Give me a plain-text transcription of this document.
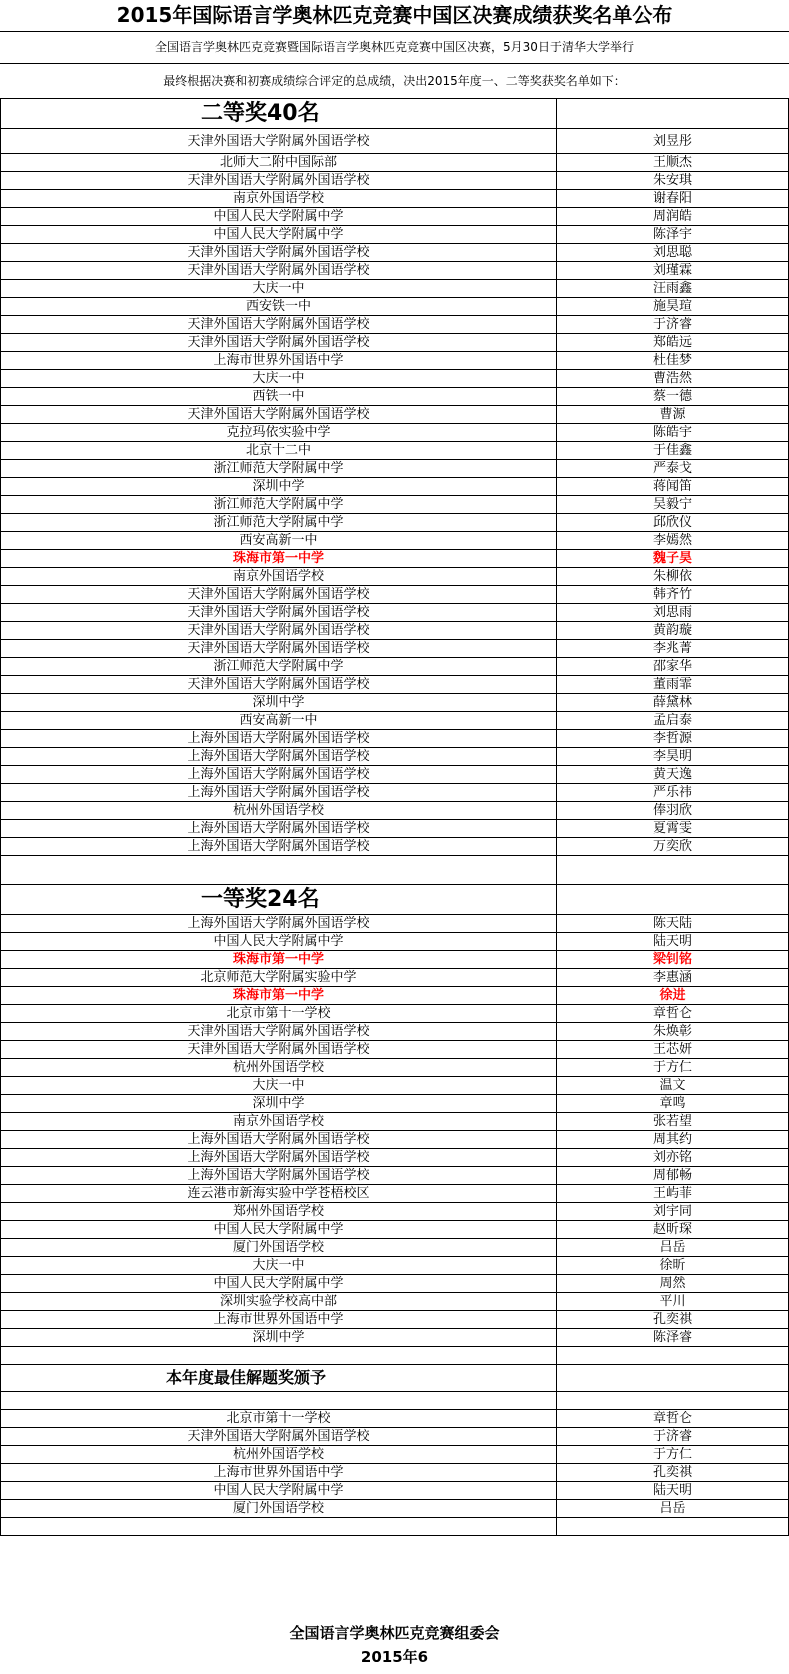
2015年国际语言学奥林匹克竞赛中国区决赛成绩获奖名单公布
全国语言学奥林匹克竞赛暨国际语言学奥林匹克竞赛中国区决赛，5月30日于清华大学举行
最终根据决赛和初赛成绩综合评定的总成绩，决出2015年度一、二等奖获奖名单如下：
二等奖40名	
天津外国语大学附属外国语学校	刘昱彤
北师大二附中国际部	王顺杰
天津外国语大学附属外国语学校	朱安琪
南京外国语学校	谢春阳
中国人民大学附属中学	周润皓
中国人民大学附属中学	陈泽宇
天津外国语大学附属外国语学校	刘思聪
天津外国语大学附属外国语学校	刘瑾霖
大庆一中	汪雨鑫
西安铁一中	施昊瑄
天津外国语大学附属外国语学校	于济睿
天津外国语大学附属外国语学校	郑皓远
上海市世界外国语中学	杜佳梦
大庆一中	曹浩然
西铁一中	蔡一德
天津外国语大学附属外国语学校	曹源
克拉玛依实验中学	陈皓宇
北京十二中	于佳鑫
浙江师范大学附属中学	严泰戈
深圳中学	蒋闻笛
浙江师范大学附属中学	吴毅宁
浙江师范大学附属中学	邱欣仪
西安高新一中	李嫣然
珠海市第一中学	魏子昊
南京外国语学校	朱柳依
天津外国语大学附属外国语学校	韩齐竹
天津外国语大学附属外国语学校	刘思雨
天津外国语大学附属外国语学校	黄韵璇
天津外国语大学附属外国语学校	李兆菁
浙江师范大学附属中学	邵家华
天津外国语大学附属外国语学校	董雨霏
深圳中学	薛黛林
西安高新一中	孟启泰
上海外国语大学附属外国语学校	李哲源
上海外国语大学附属外国语学校	李昊明
上海外国语大学附属外国语学校	黄天逸
上海外国语大学附属外国语学校	严乐祎
杭州外国语学校	俸羽欣
上海外国语大学附属外国语学校	夏霄雯
上海外国语大学附属外国语学校	万奕欣

一等奖24名	
上海外国语大学附属外国语学校	陈天陆
中国人民大学附属中学	陆天明
珠海市第一中学	梁钊铭
北京师范大学附属实验中学	李惠涵
珠海市第一中学	徐进
北京市第十一学校	章哲仑
天津外国语大学附属外国语学校	朱焕彰
天津外国语大学附属外国语学校	王芯妍
杭州外国语学校	于方仁
大庆一中	温文
深圳中学	章鸣
南京外国语学校	张若望
上海外国语大学附属外国语学校	周其约
上海外国语大学附属外国语学校	刘亦铭
上海外国语大学附属外国语学校	周郁畅
连云港市新海实验中学苍梧校区	王屿菲
郑州外国语学校	刘宇同
中国人民大学附属中学	赵昕琛
厦门外国语学校	吕岳
大庆一中	徐昕
中国人民大学附属中学	周然
深圳实验学校高中部	平川
上海市世界外国语中学	孔奕祺
深圳中学	陈泽睿

本年度最佳解题奖颁予	

北京市第十一学校	章哲仑
天津外国语大学附属外国语学校	于济睿
杭州外国语学校	于方仁
上海市世界外国语中学	孔奕祺
中国人民大学附属中学	陆天明
厦门外国语学校	吕岳

全国语言学奥林匹克竞赛组委会
2015年6
